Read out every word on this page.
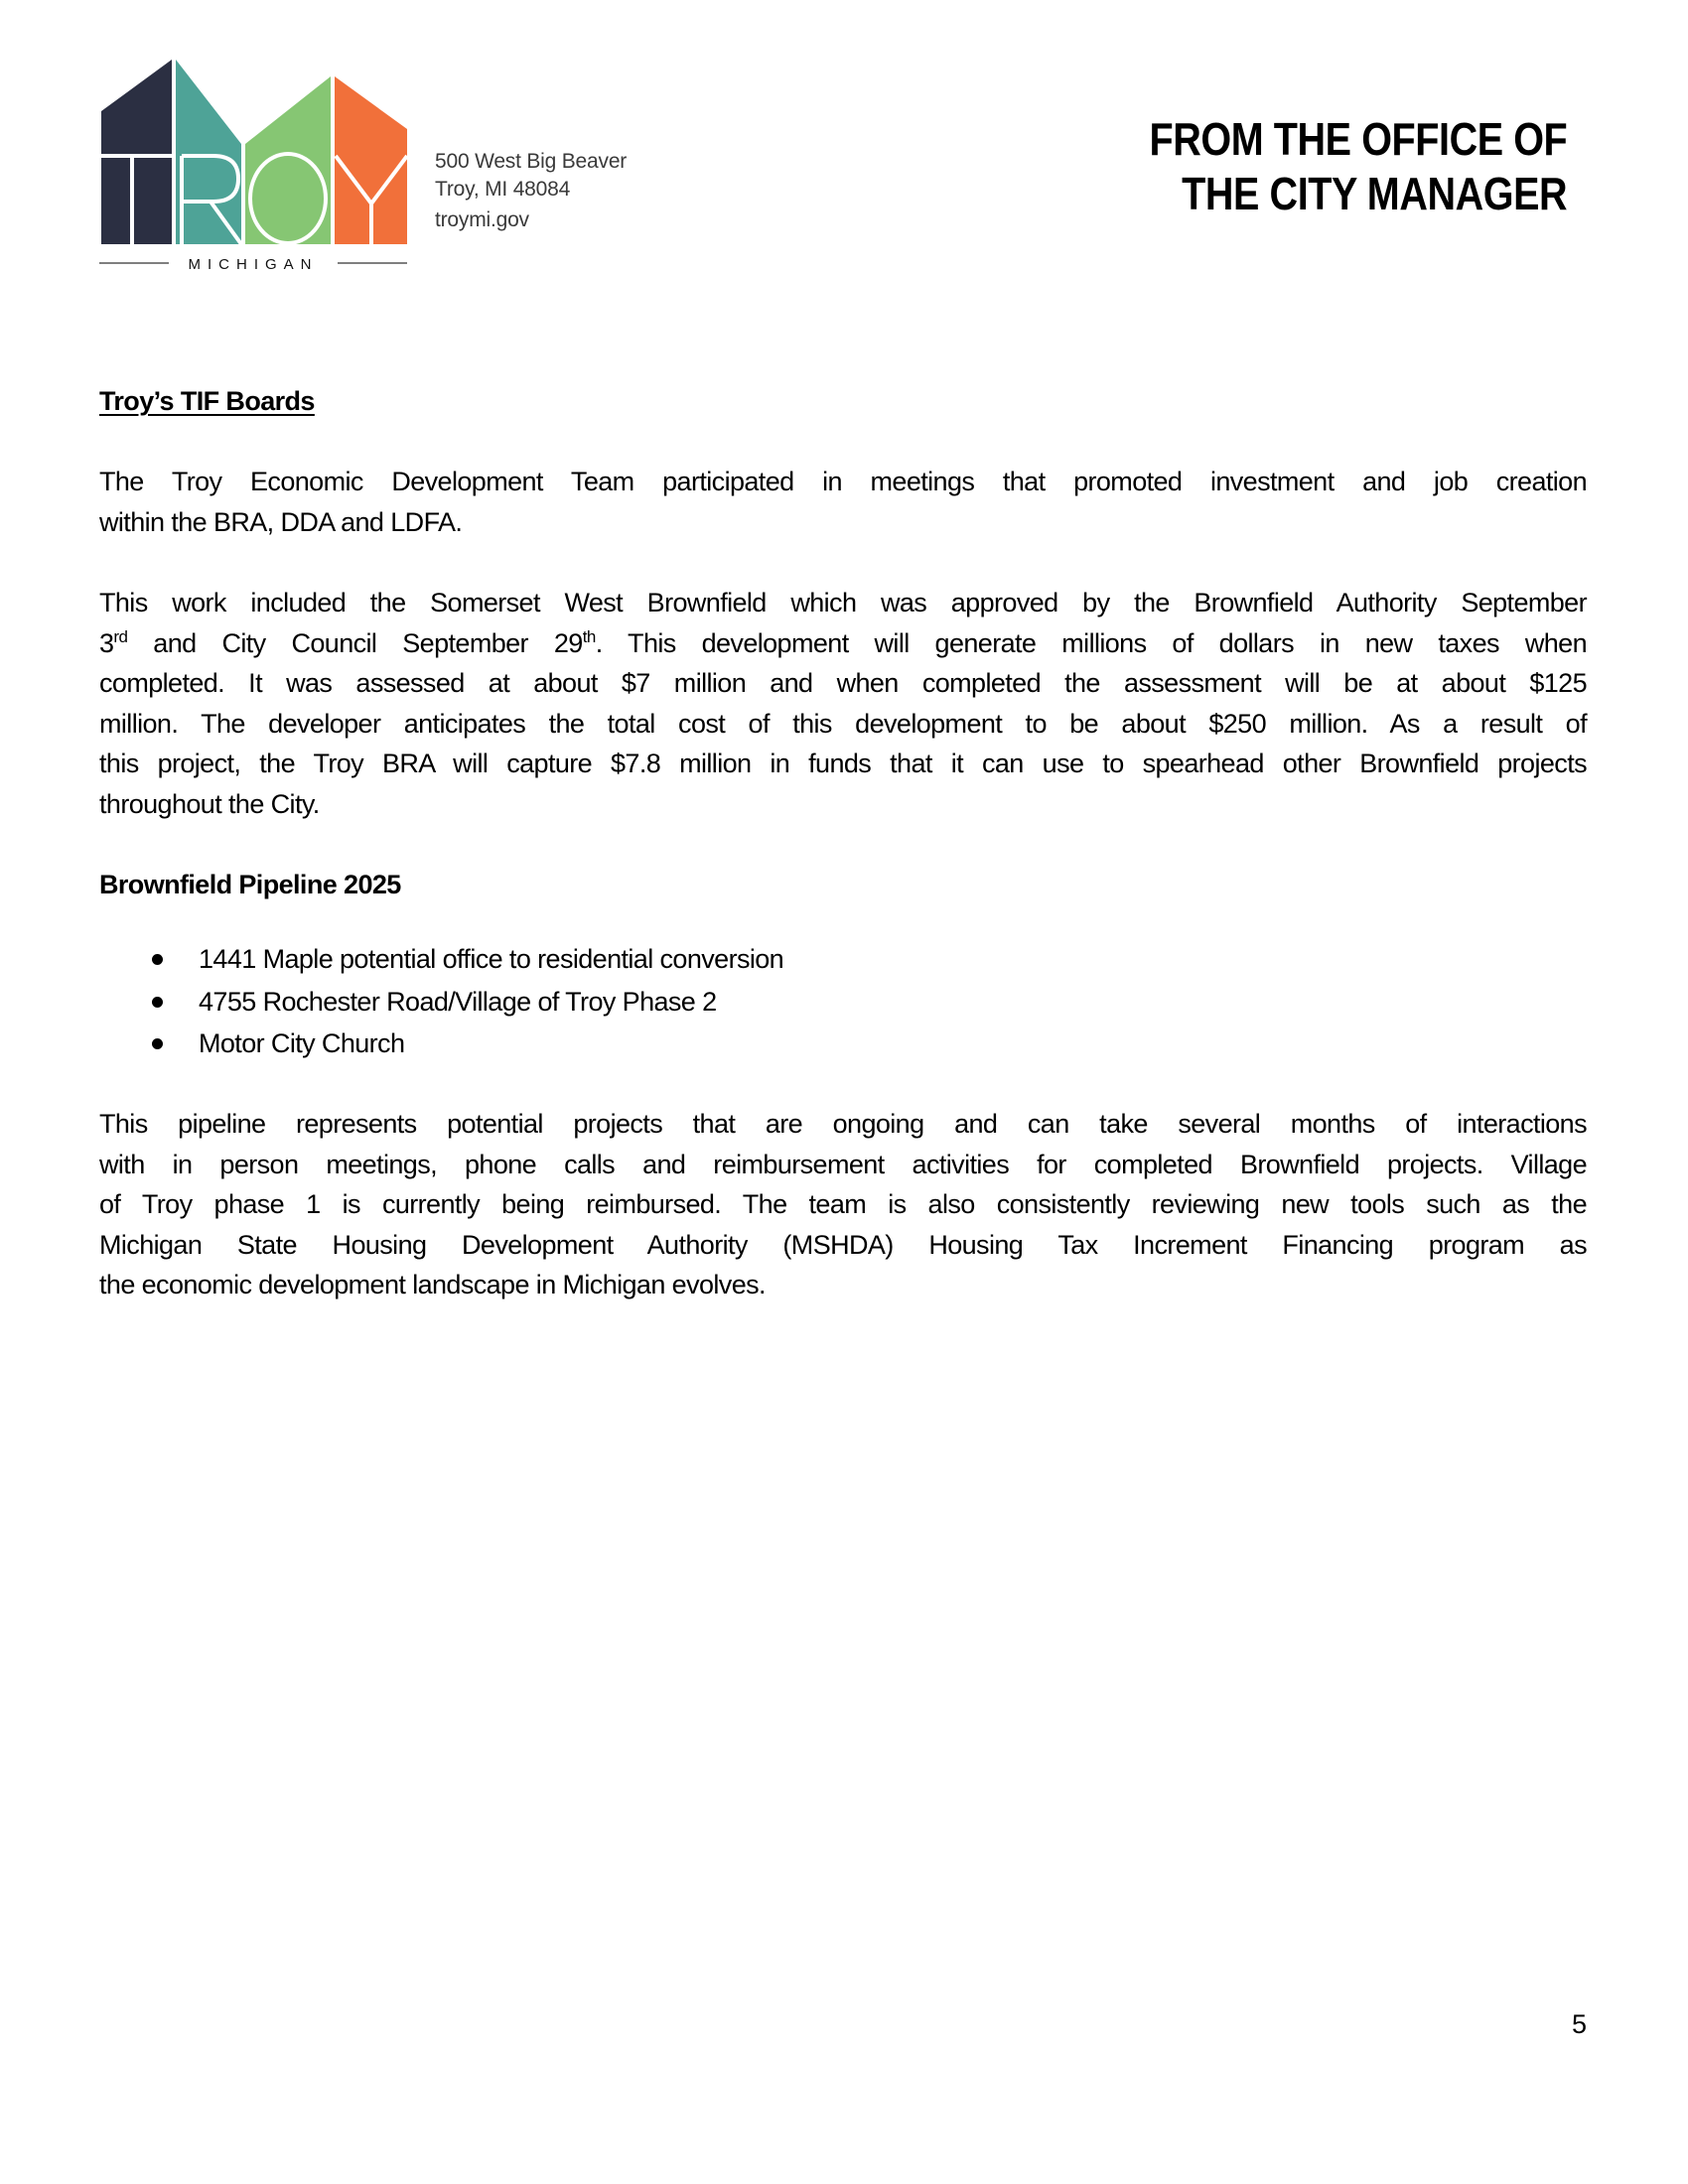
MICHIGAN
500 West Big Beaver
Troy, MI 48084
troymi.gov
FROM THE OFFICE OF
THE CITY MANAGER
Troy’s TIF Boards
The Troy Economic Development Team participated in meetings that promoted investment and job creation
within the BRA, DDA and LDFA.
This work included the Somerset West Brownfield which was approved by the Brownfield Authority September
3rd and City Council September 29th. This development will generate millions of dollars in new taxes when
completed. It was assessed at about $7 million and when completed the assessment will be at about $125
million. The developer anticipates the total cost of this development to be about $250 million. As a result of
this project, the Troy BRA will capture $7.8 million in funds that it can use to spearhead other Brownfield projects
throughout the City.
Brownfield Pipeline 2025
1441 Maple potential office to residential conversion
4755 Rochester Road/Village of Troy Phase 2
Motor City Church
This pipeline represents potential projects that are ongoing and can take several months of interactions
with in person meetings, phone calls and reimbursement activities for completed Brownfield projects. Village
of Troy phase 1 is currently being reimbursed. The team is also consistently reviewing new tools such as the
Michigan State Housing Development Authority (MSHDA) Housing Tax Increment Financing program as
the economic development landscape in Michigan evolves.
5
